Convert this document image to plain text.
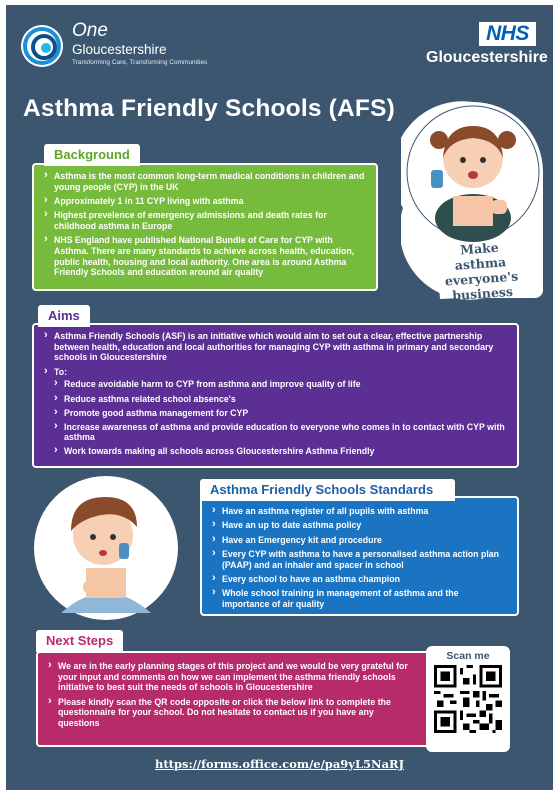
One
Gloucestershire
Transforming Care, Transforming Communities
NHS
Gloucestershire
Asthma Friendly Schools (AFS)
Make asthma
everyone's
business
› Asthma is the most common long-term medical conditions in children and young people (CYP) in the UK
› Approximately 1 in 11 CYP living with asthma
› Highest prevelence of emergency admissions and death rates for childhood asthma in Europe
› NHS England have published National Bundle of Care for CYP with Asthma. There are many standards to achieve across health, education, public health, housing and local authority. One area is around Asthma Friendly Schools and education around air quality
Background
› Asthma Friendly Schools (ASF) is an initiative which would aim to set out a clear, effective partnership between health, education and local authorities for managing CYP with asthma in primary and secondary schools in Gloucestershire
› To:
› Reduce avoidable harm to CYP from asthma and improve quality of life
› Reduce asthma related school absence's
› Promote good asthma management for CYP
› Increase awareness of asthma and provide education to everyone who comes in to contact with CYP with asthma
› Work towards making all schools across Gloucestershire Asthma Friendly
Aims
› Have an asthma register of all pupils with asthma
› Have an up to date asthma policy
› Have an Emergency kit and procedure
› Every CYP with asthma to have a personalised asthma action plan (PAAP) and an inhaler and spacer in school
› Every school to have an asthma champion
› Whole school training in management of asthma and the importance of air quality
Asthma Friendly Schools Standards
› We are in the early planning stages of this project and we would be very grateful for your input and comments on how we can implement the asthma friendly schools initiative to best suit the needs of schools in Gloucestershire
› Please kindly scan the QR code opposite or click the below link to complete the questionnaire for your school. Do not hesitate to contact us if you have any questions
Next Steps
Scan me
https://forms.office.com/e/pa9yL5NaRJ
